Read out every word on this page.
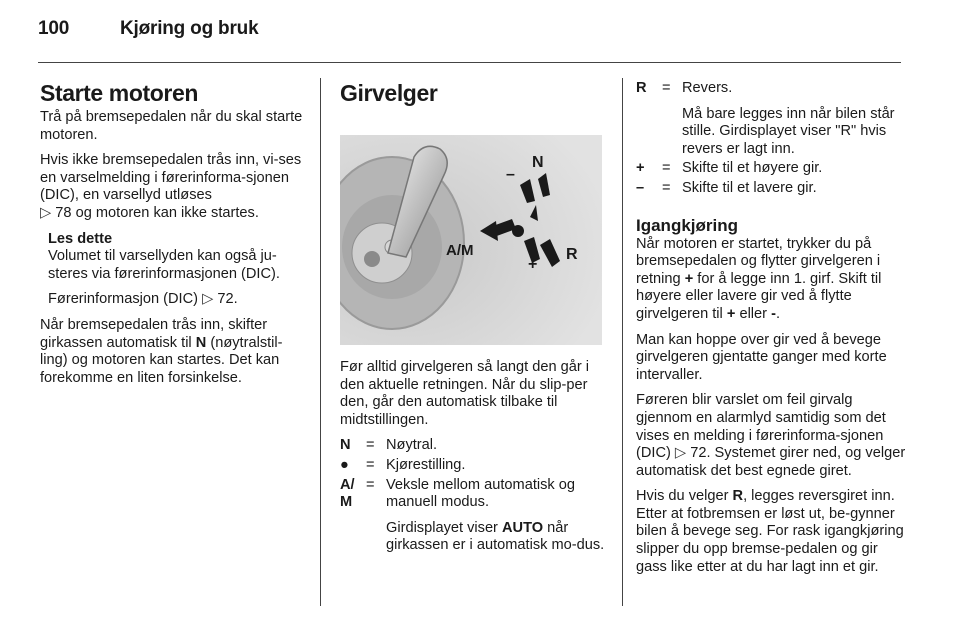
100	Kjøring og bruk
Starte motoren

Trå på bremsepedalen når du skal starte motoren.

Hvis ikke bremsepedalen trås inn, vi-ses en varselmelding i førerinforma-sjonen (DIC), en varsellyd utløses
▷ 78 og motoren kan ikke startes.

Les dette

Volumet til varsellyden kan også ju-steres via førerinformasjonen (DIC).

Førerinformasjon (DIC) ▷ 72.

Når bremsepedalen trås inn, skifter girkassen automatisk til N (nøytralstil-ling) og motoren kan startes. Det kan forekomme en liten forsinkelse.

Girvelger
N
–
A/M
+
R

Før alltid girvelgeren så langt den går i den aktuelle retningen. Når du slip-per den, går den automatisk tilbake til midtstillingen.

N	= Nøytral.
●	= Kjørestilling.
A/
M
= Veksle mellom automatisk og manuell modus.
Girdisplayet viser AUTO når girkassen er i automatisk mo-dus.
R	= Revers.
Må bare legges inn når bilen står stille. Girdisplayet viser "R" hvis revers er lagt inn.
+	= Skifte til et høyere gir.
–	= Skifte til et lavere gir.
Igangkjøring

Når motoren er startet, trykker du på bremsepedalen og flytter girvelgeren i retning + for å legge inn 1. girf. Skift til høyere eller lavere gir ved å flytte girvelgeren til + eller -.

Man kan hoppe over gir ved å bevege girvelgeren gjentatte ganger med korte intervaller.

Føreren blir varslet om feil girvalg gjennom en alarmlyd samtidig som det vises en melding i førerinforma-sjonen (DIC) ▷ 72. Systemet girer ned, og velger automatisk det best egnede giret.

Hvis du velger R, legges reversgiret inn. Etter at fotbremsen er løst ut, be-gynner bilen å bevege seg. For rask igangkjøring slipper du opp bremse-pedalen og gir gass like etter at du har lagt inn et gir.
